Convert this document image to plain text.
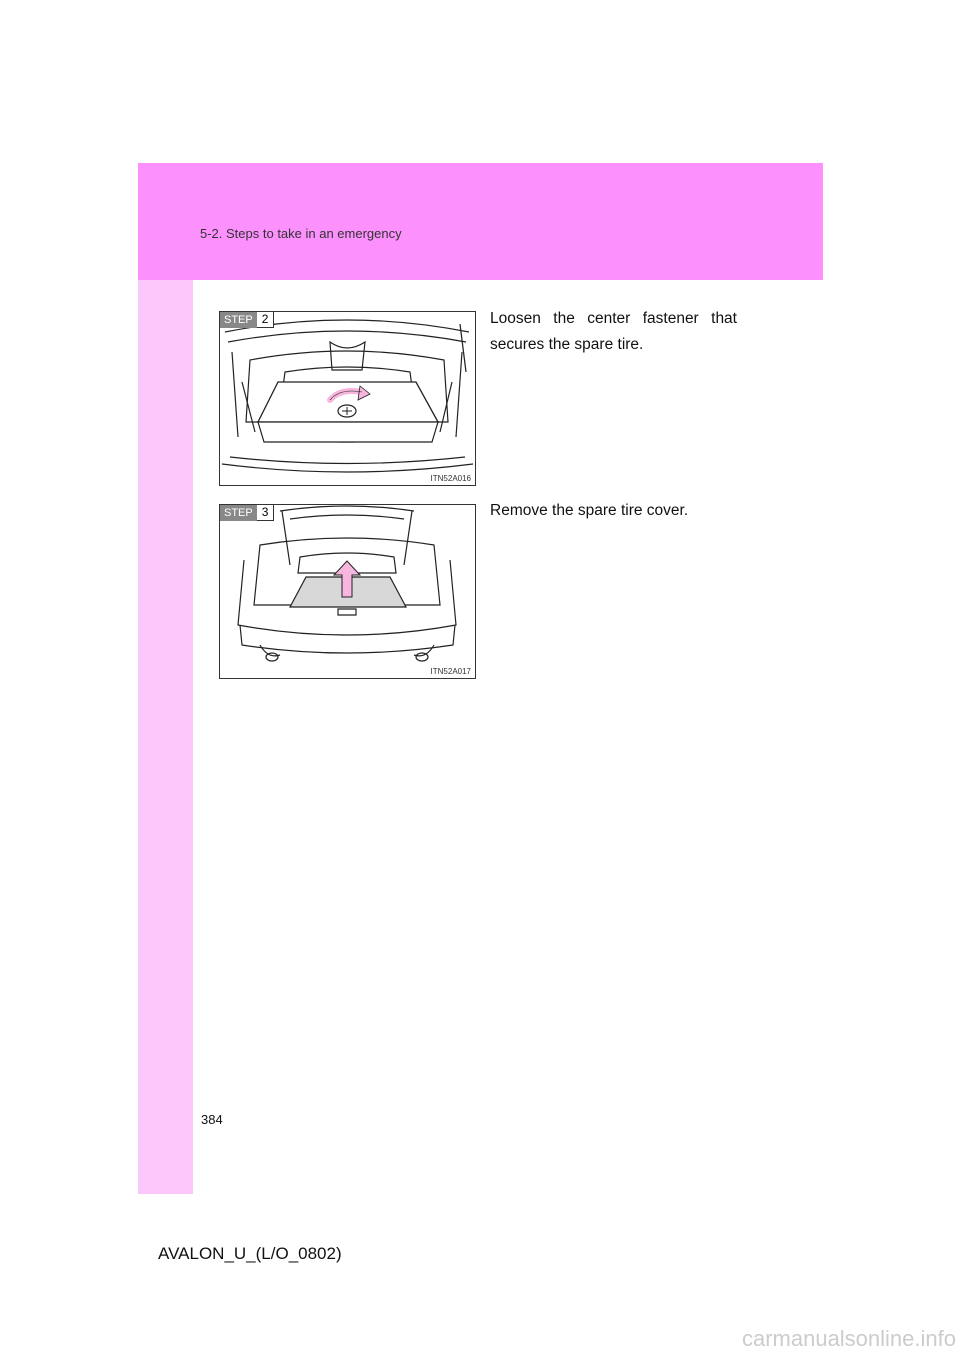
5-2. Steps to take in an emergency
STEP 2
ITN52A016
Loosen the center fastener that secures the spare tire.
STEP 3
ITN52A017
Remove the spare tire cover.
384
AVALON_U_(L/O_0802)
carmanualsonline.info
